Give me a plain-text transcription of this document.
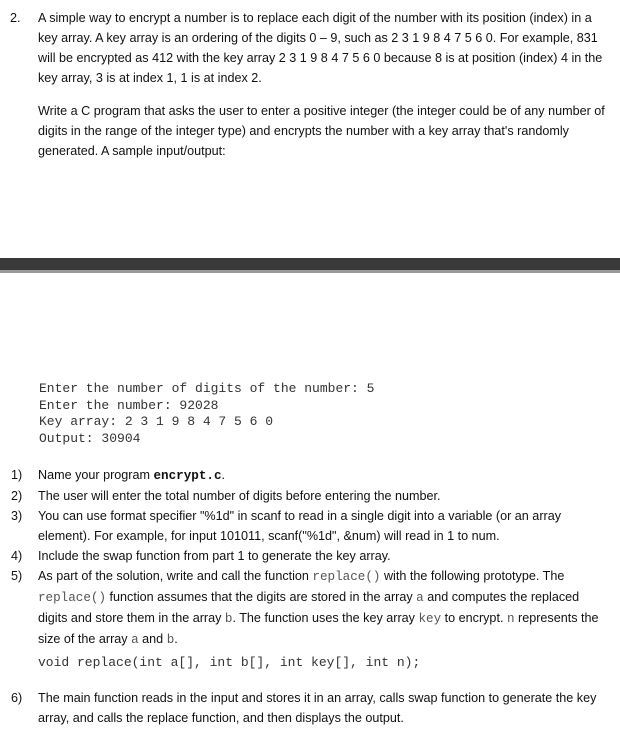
2. A simple way to encrypt a number is to replace each digit of the number with its position (index) in a key array. A key array is an ordering of the digits 0 – 9, such as 2 3 1 9 8 4 7 5 6 0. For example, 831 will be encrypted as 412 with the key array 2 3 1 9 8 4 7 5 6 0 because 8 is at position (index) 4 in the key array, 3 is at index 1, 1 is at index 2.
Write a C program that asks the user to enter a positive integer (the integer could be of any number of digits in the range of the integer type) and encrypts the number with a key array that's randomly generated. A sample input/output:
Enter the number of digits of the number: 5
Enter the number: 92028
Key array: 2 3 1 9 8 4 7 5 6 0
Output: 30904
1) Name your program encrypt.c.
2) The user will enter the total number of digits before entering the number.
3) You can use format specifier "%1d" in scanf to read in a single digit into a variable (or an array element). For example, for input 101011, scanf("%1d", &num) will read in 1 to num.
4) Include the swap function from part 1 to generate the key array.
5) As part of the solution, write and call the function replace() with the following prototype. The replace() function assumes that the digits are stored in the array a and computes the replaced digits and store them in the array b. The function uses the key array key to encrypt. n represents the size of the array a and b.
void replace(int a[], int b[], int key[], int n);
6) The main function reads in the input and stores it in an array, calls swap function to generate the key array, and calls the replace function, and then displays the output.
